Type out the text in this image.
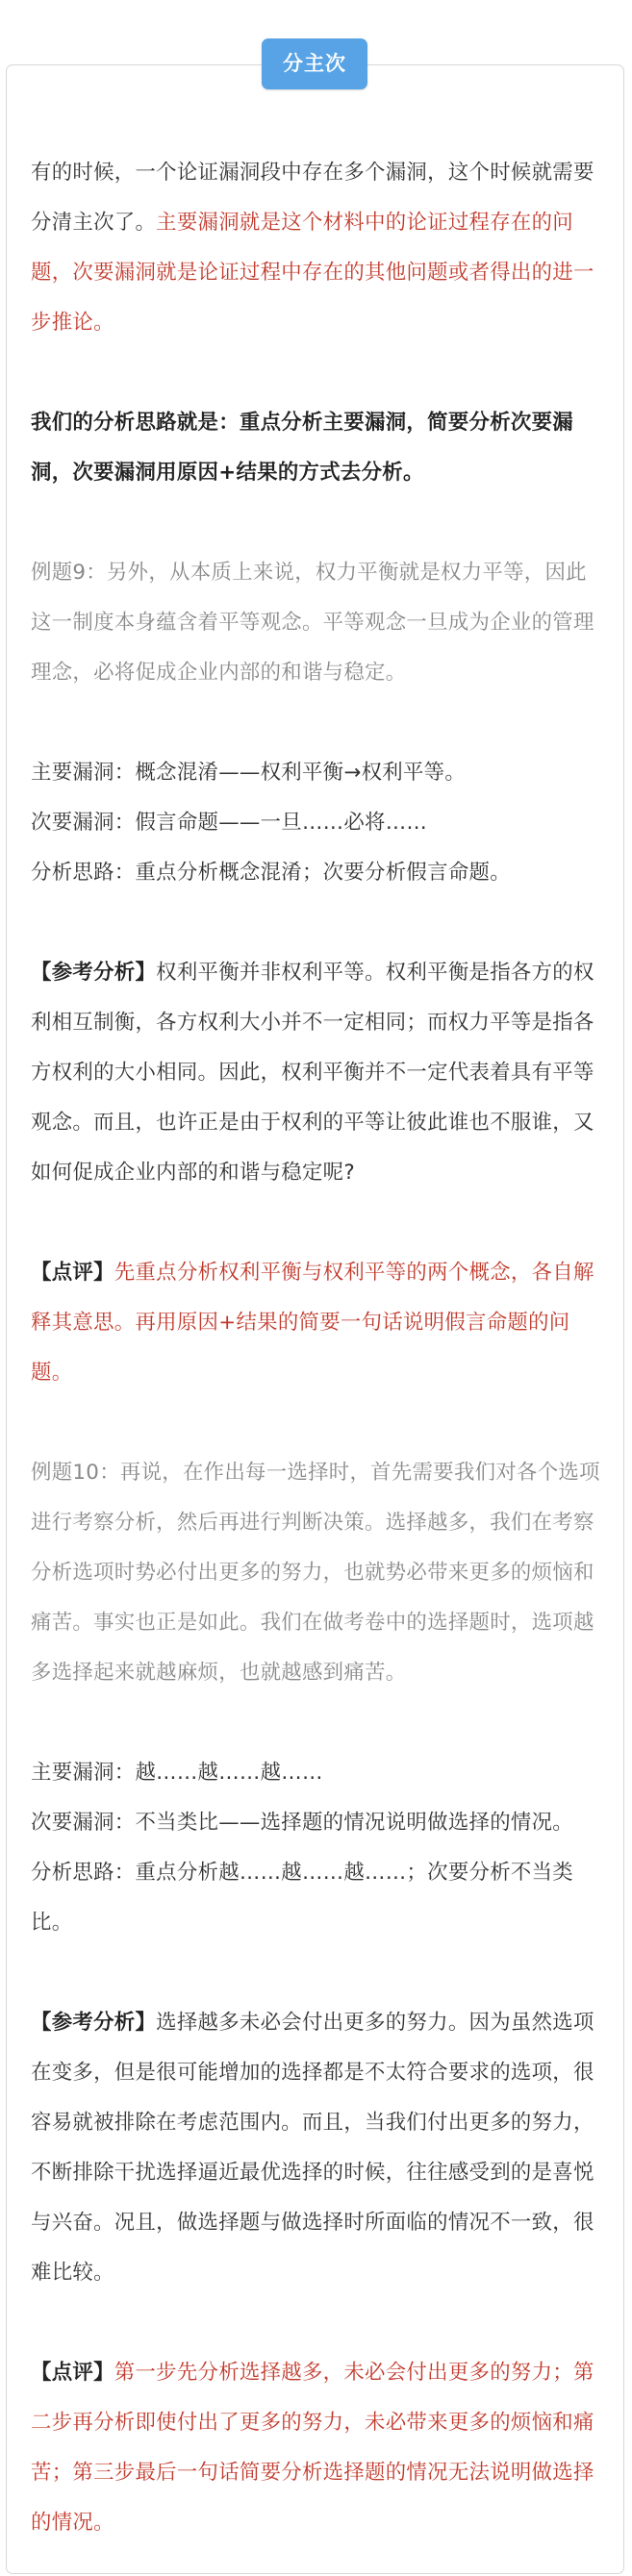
分主次

有的时候，一个论证漏洞段中存在多个漏洞，这个时候就需要分清主次了。主要漏洞就是这个材料中的论证过程存在的问题，次要漏洞就是论证过程中存在的其他问题或者得出的进一步推论。

我们的分析思路就是：重点分析主要漏洞，简要分析次要漏洞，次要漏洞用原因+结果的方式去分析。

例题9：另外，从本质上来说，权力平衡就是权力平等，因此这一制度本身蕴含着平等观念。平等观念一旦成为企业的管理理念，必将促成企业内部的和谐与稳定。

主要漏洞：概念混淆——权利平衡→权利平等。

次要漏洞：假言命题——一旦……必将……

分析思路：重点分析概念混淆；次要分析假言命题。

【参考分析】权利平衡并非权利平等。权利平衡是指各方的权利相互制衡，各方权利大小并不一定相同；而权力平等是指各方权利的大小相同。因此，权利平衡并不一定代表着具有平等观念。而且，也许正是由于权利的平等让彼此谁也不服谁，又如何促成企业内部的和谐与稳定呢?

【点评】先重点分析权利平衡与权利平等的两个概念，各自解释其意思。再用原因+结果的简要一句话说明假言命题的问题。

例题10：再说，在作出每一选择时，首先需要我们对各个选项进行考察分析，然后再进行判断决策。选择越多，我们在考察分析选项时势必付出更多的努力，也就势必带来更多的烦恼和痛苦。事实也正是如此。我们在做考卷中的选择题时，选项越多选择起来就越麻烦，也就越感到痛苦。

主要漏洞：越……越……越……

次要漏洞：不当类比——选择题的情况说明做选择的情况。

分析思路：重点分析越……越……越……；次要分析不当类比。

【参考分析】选择越多未必会付出更多的努力。因为虽然选项在变多，但是很可能增加的选择都是不太符合要求的选项，很容易就被排除在考虑范围内。而且，当我们付出更多的努力，不断排除干扰选择逼近最优选择的时候，往往感受到的是喜悦与兴奋。况且，做选择题与做选择时所面临的情况不一致，很难比较。

【点评】第一步先分析选择越多，未必会付出更多的努力；第二步再分析即使付出了更多的努力，未必带来更多的烦恼和痛苦；第三步最后一句话简要分析选择题的情况无法说明做选择的情况。
